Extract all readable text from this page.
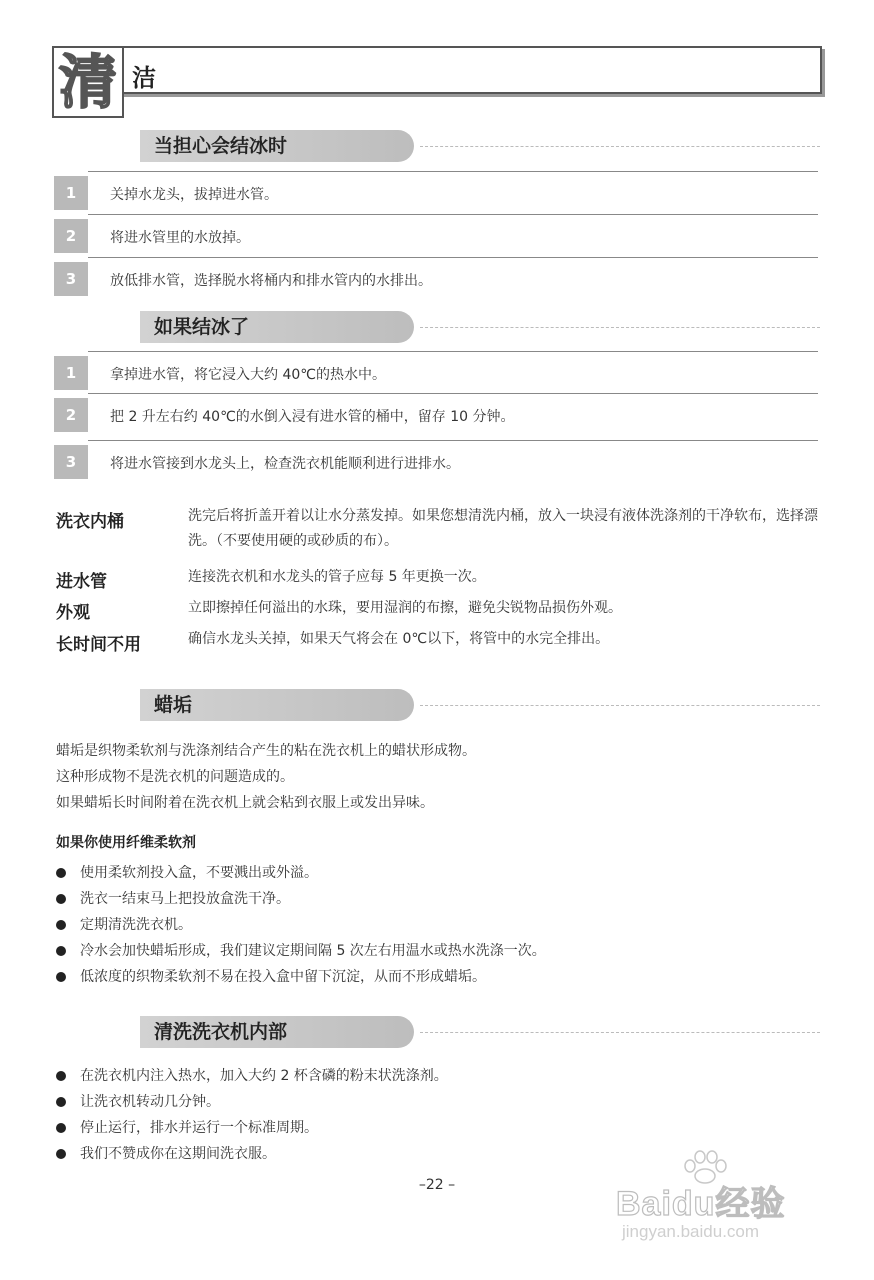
清 洁
当担心会结冰时
1	关掉水龙头，拔掉进水管。
2	将进水管里的水放掉。
3	放低排水管，选择脱水将桶内和排水管内的水排出。
如果结冰了
1	拿掉进水管，将它浸入大约 40℃的热水中。
2	把 2 升左右约 40℃的水倒入浸有进水管的桶中，留存 10 分钟。
3	将进水管接到水龙头上，检查洗衣机能顺利进行进排水。
洗衣内桶	洗完后将折盖开着以让水分蒸发掉。如果您想清洗内桶，放入一块浸有液体洗涤剂的干净软布，选择漂洗。（不要使用硬的或砂质的布）。
进水管	连接洗衣机和水龙头的管子应每 5 年更换一次。
外观	立即擦掉任何溢出的水珠，要用湿润的布擦，避免尖锐物品损伤外观。
长时间不用	确信水龙头关掉，如果天气将会在 0℃以下，将管中的水完全排出。
蜡垢
蜡垢是织物柔软剂与洗涤剂结合产生的粘在洗衣机上的蜡状形成物。
这种形成物不是洗衣机的问题造成的。
如果蜡垢长时间附着在洗衣机上就会粘到衣服上或发出异味。
如果你使用纤维柔软剂
使用柔软剂投入盒，不要溅出或外溢。
洗衣一结束马上把投放盒洗干净。
定期清洗洗衣机。
冷水会加快蜡垢形成，我们建议定期间隔 5 次左右用温水或热水洗涤一次。
低浓度的织物柔软剂不易在投入盒中留下沉淀，从而不形成蜡垢。
清洗洗衣机内部
在洗衣机内注入热水，加入大约 2 杯含磷的粉末状洗涤剂。
让洗衣机转动几分钟。
停止运行，排水并运行一个标准周期。
我们不赞成你在这期间洗衣服。
–22 –	Baidu经验
jingyan.baidu.com
